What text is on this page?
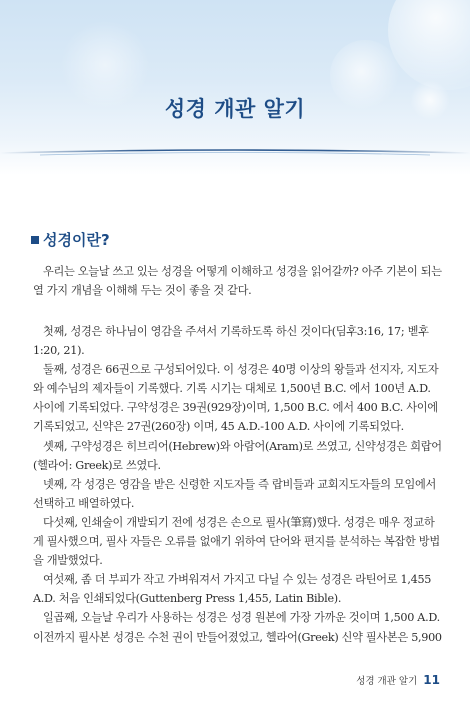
성경 개관 알기
성경이란?

우리는 오늘날 쓰고 있는 성경을 어떻게 이해하고 성경을 읽어갈까? 아주 기본이 되는 열 가지 개념을 이해해 두는 것이 좋을 것 같다.

첫째, 성경은 하나님이 영감을 주셔서 기록하도록 하신 것이다(딤후3:16, 17; 벧후1:20, 21).

둘째, 성경은 66권으로 구성되어있다. 이 성경은 40명 이상의 왕들과 선지자, 지도자와 예수님의 제자들이 기록했다. 기록 시기는 대체로 1,500년 B.C. 에서 100년 A.D. 사이에 기록되었다. 구약성경은 39권(929장)이며, 1,500 B.C. 에서 400 B.C. 사이에 기록되었고, 신약은 27권(260장) 이며, 45 A.D.-100 A.D. 사이에 기록되었다.

셋째, 구약성경은 히브리어(Hebrew)와 아람어(Aram)로 쓰였고, 신약성경은 희랍어(헬라어: Greek)로 쓰였다.

넷째, 각 성경은 영감을 받은 신령한 지도자들 즉 랍비들과 교회지도자들의 모임에서 선택하고 배열하였다.

다섯째, 인쇄술이 개발되기 전에 성경은 손으로 필사(筆寫)했다. 성경은 매우 정교하게 필사했으며, 필사 자들은 오류를 없애기 위하여 단어와 편지를 분석하는 복잡한 방법을 개발했었다.

여섯째, 좀 더 부피가 작고 가벼워져서 가지고 다닐 수 있는 성경은 라틴어로 1,455 A.D. 처음 인쇄되었다(Guttenberg Press 1,455, Latin Bible).

일곱째, 오늘날 우리가 사용하는 성경은 성경 원본에 가장 가까운 것이며 1,500 A.D. 이전까지 필사본 성경은 수천 권이 만들어졌었고, 헬라어(Greek) 신약 필사본은 5,900

성경 개관 알기 11
